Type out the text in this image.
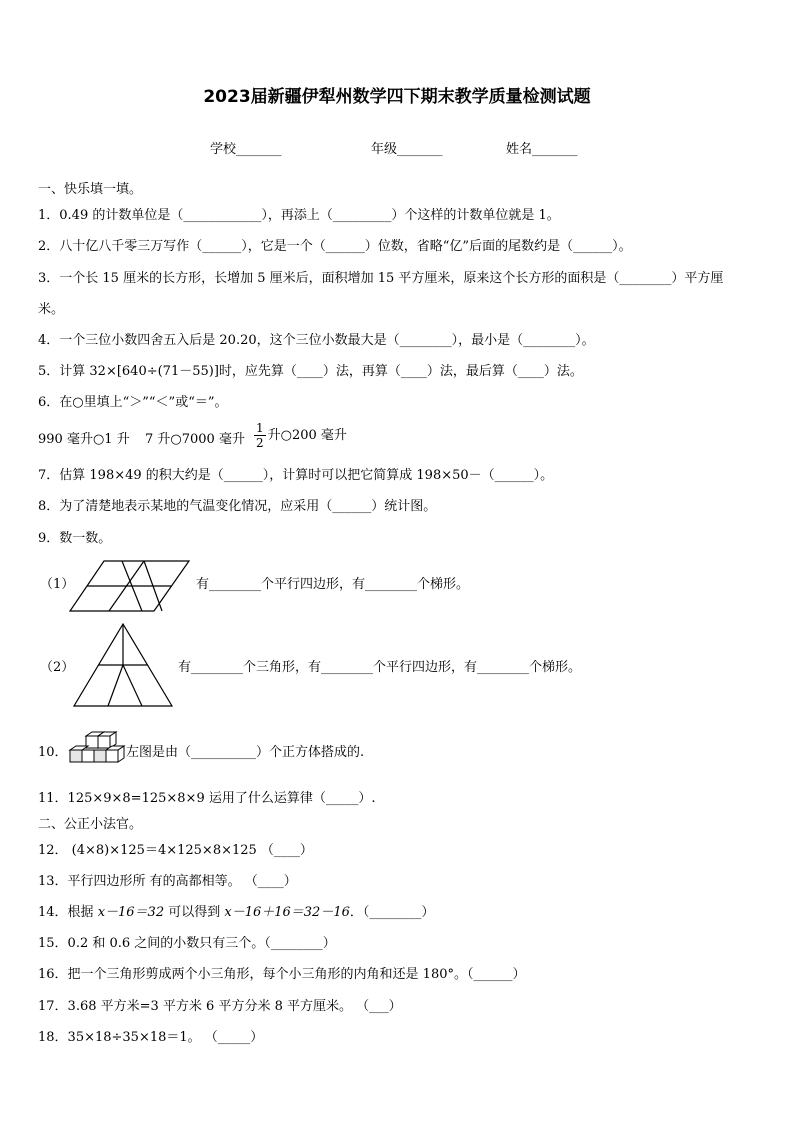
2023届新疆伊犁州数学四下期末教学质量检测试题
学校_______	年级_______	姓名_______
一、快乐填一填。
1．0.49 的计数单位是（____________），再添上（_________）个这样的计数单位就是 1。
2．八十亿八千零三万写作（______），它是一个（______）位数，省略“亿”后面的尾数约是（______）。
3．一个长 15 厘米的长方形，长增加 5 厘米后，面积增加 15 平方厘米，原来这个长方形的面积是（________）平方厘
米。
4．一个三位小数四舍五入后是 20.20，这个三位小数最大是（________），最小是（________）。
5．计算 32×[640÷(71－55)]时，应先算（____）法，再算（____）法，最后算（____）法。
6．在○里填上“＞”“＜”或“＝”。
990 毫升○1 升 7 升○7000 毫升 $\frac{1}{2}$ 升○200 毫升
7．估算 198×49 的积大约是（______），计算时可以把它简算成 198×50－（______）。
8．为了清楚地表示某地的气温变化情况，应采用（______）统计图。
9．数一数。
（1）	有________个平行四边形，有________个梯形。
（2）	有________个三角形，有________个平行四边形，有________个梯形。
10．	左图是由（__________）个正方体搭成的.
11．125×9×8=125×8×9 运用了什么运算律（_____）.
二、公正小法官。
12． (4×8)×125＝4×125×8×125 （____）
13．平行四边形所 有的高都相等。 （____）
14．根据 x－16＝32 可以得到 x－16＋16＝32－16．（________）
15．0.2 和 0.6 之间的小数只有三个。（________）
16．把一个三角形剪成两个小三角形，每个小三角形的内角和还是 180°。（______）
17．3.68 平方米=3 平方米 6 平方分米 8 平方厘米。 （___）
18．35×18÷35×18＝1。 （_____）
